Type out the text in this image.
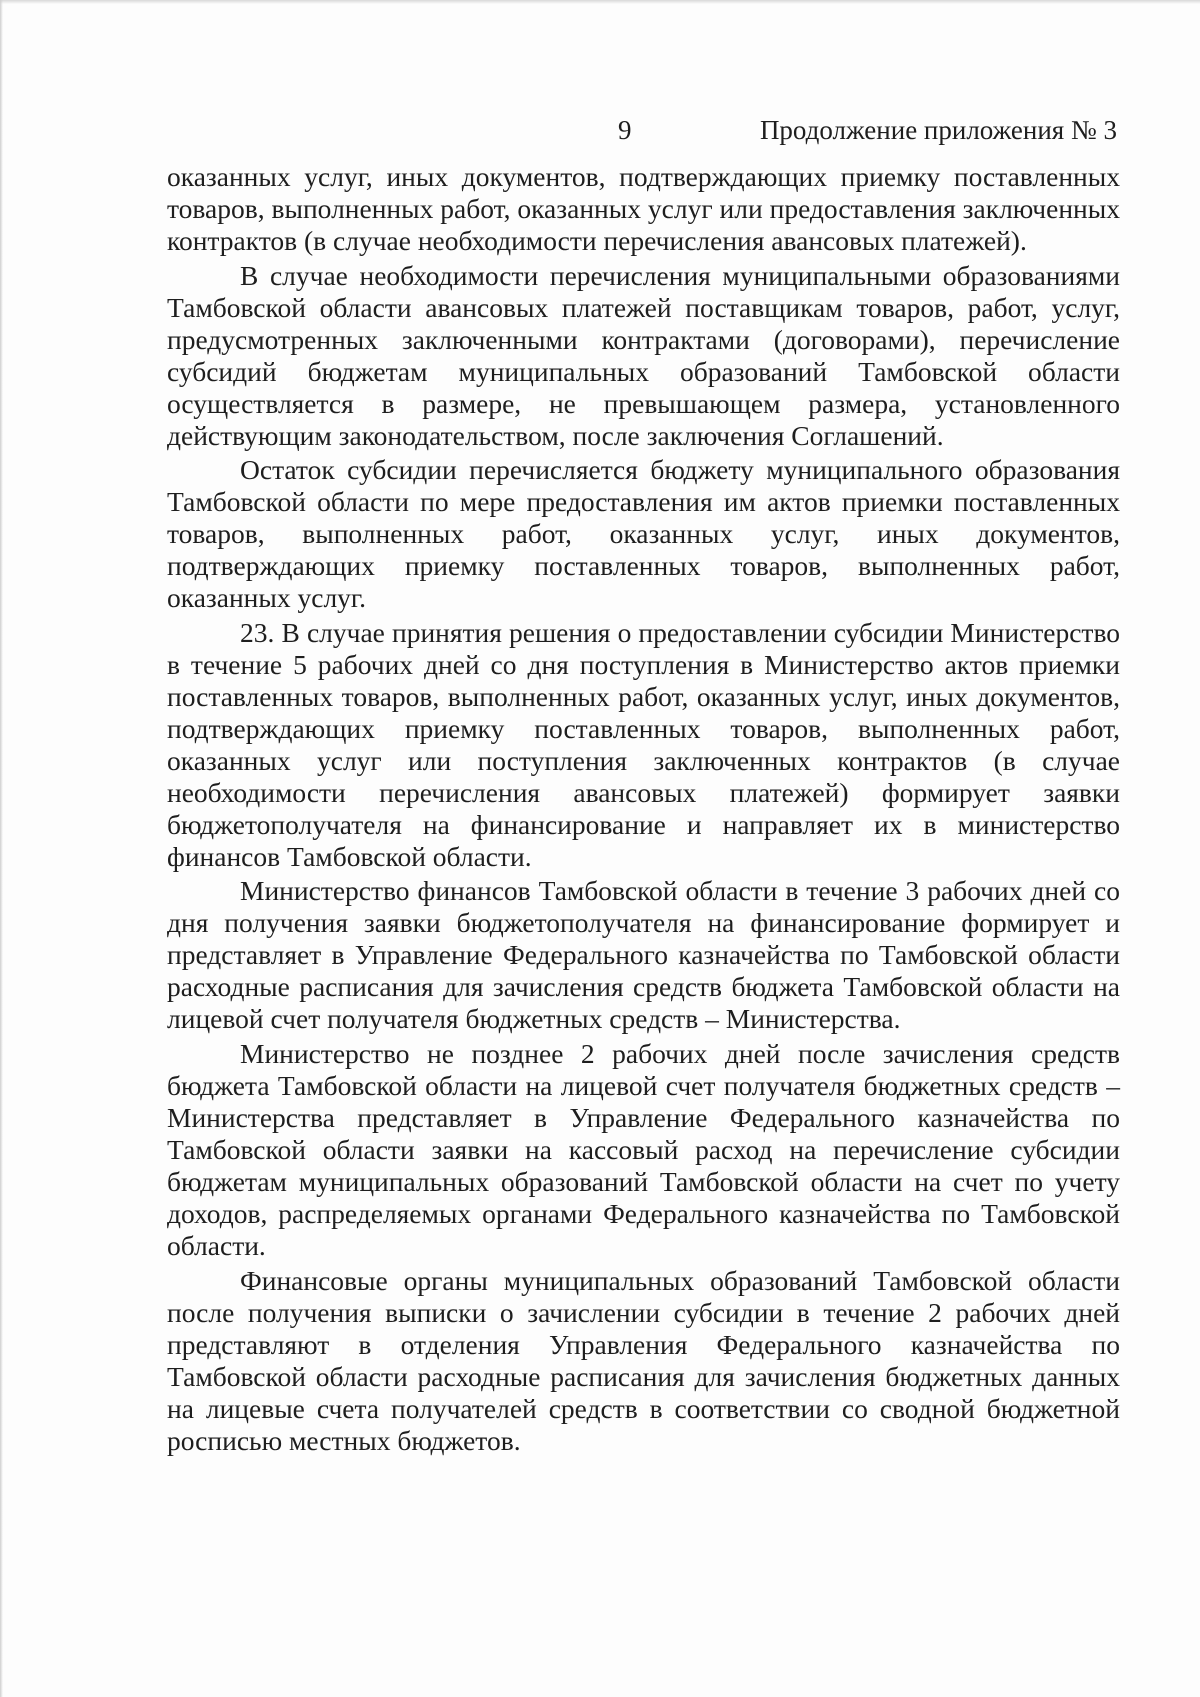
9	Продолжение приложения № 3

оказанных услуг, иных документов, подтверждающих приемку поставленных товаров, выполненных работ, оказанных услуг или предоставления заключенных контрактов (в случае необходимости перечисления авансовых платежей).

В случае необходимости перечисления муниципальными образованиями Тамбовской области авансовых платежей поставщикам товаров, работ, услуг, предусмотренных заключенными контрактами (договорами), перечисление субсидий бюджетам муниципальных образований Тамбовской области осуществляется в размере, не превышающем размера, установленного действующим законодательством, после заключения Соглашений.

Остаток субсидии перечисляется бюджету муниципального образования Тамбовской области по мере предоставления им актов приемки поставленных товаров, выполненных работ, оказанных услуг, иных документов, подтверждающих приемку поставленных товаров, выполненных работ, оказанных услуг.

23. В случае принятия решения о предоставлении субсидии Министерство в течение 5 рабочих дней со дня поступления в Министерство актов приемки поставленных товаров, выполненных работ, оказанных услуг, иных документов, подтверждающих приемку поставленных товаров, выполненных работ, оказанных услуг или поступления заключенных контрактов (в случае необходимости перечисления авансовых платежей) формирует заявки бюджетополучателя на финансирование и направляет их в министерство финансов Тамбовской области.

Министерство финансов Тамбовской области в течение 3 рабочих дней со дня получения заявки бюджетополучателя на финансирование формирует и представляет в Управление Федерального казначейства по Тамбовской области расходные расписания для зачисления средств бюджета Тамбовской области на лицевой счет получателя бюджетных средств – Министерства.

Министерство не позднее 2 рабочих дней после зачисления средств бюджета Тамбовской области на лицевой счет получателя бюджетных средств – Министерства представляет в Управление Федерального казначейства по Тамбовской области заявки на кассовый расход на перечисление субсидии бюджетам муниципальных образований Тамбовской области на счет по учету доходов, распределяемых органами Федерального казначейства по Тамбовской области.

Финансовые органы муниципальных образований Тамбовской области после получения выписки о зачислении субсидии в течение 2 рабочих дней представляют в отделения Управления Федерального казначейства по Тамбовской области расходные расписания для зачисления бюджетных данных на лицевые счета получателей средств в соответствии со сводной бюджетной росписью местных бюджетов.
